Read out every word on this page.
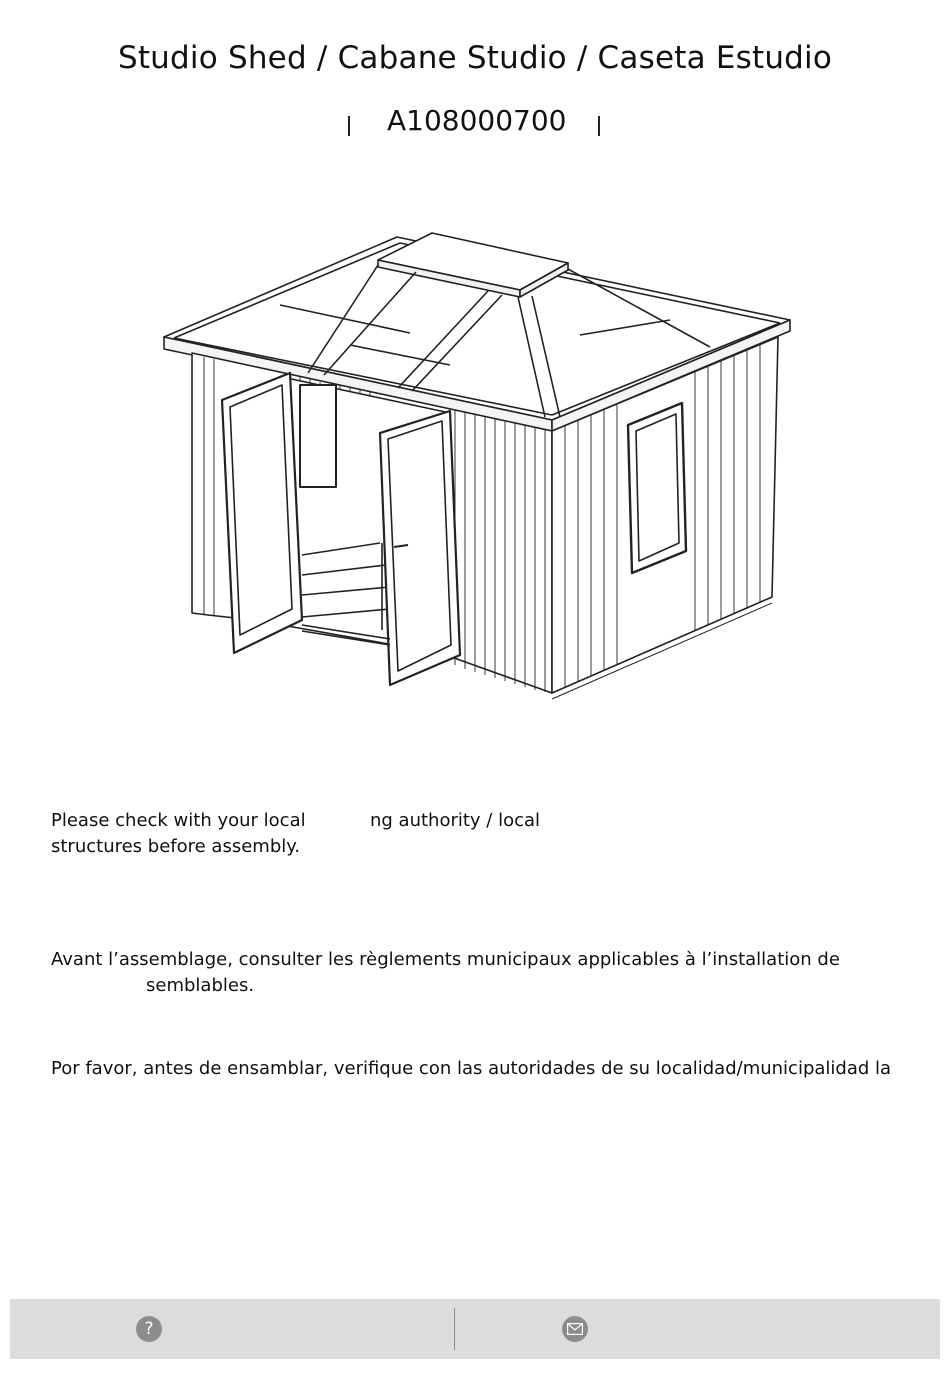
Studio Shed / Cabane Studio / Caseta Estudio
A108000700
Please check with your local	ng authority / local
structures before assembly.
Avant l’assemblage, consulter les règlements municipaux applicables à l’installation de
semblables.
Por favor, antes de ensamblar, verifique con las autoridades de su localidad/municipalidad la
?
